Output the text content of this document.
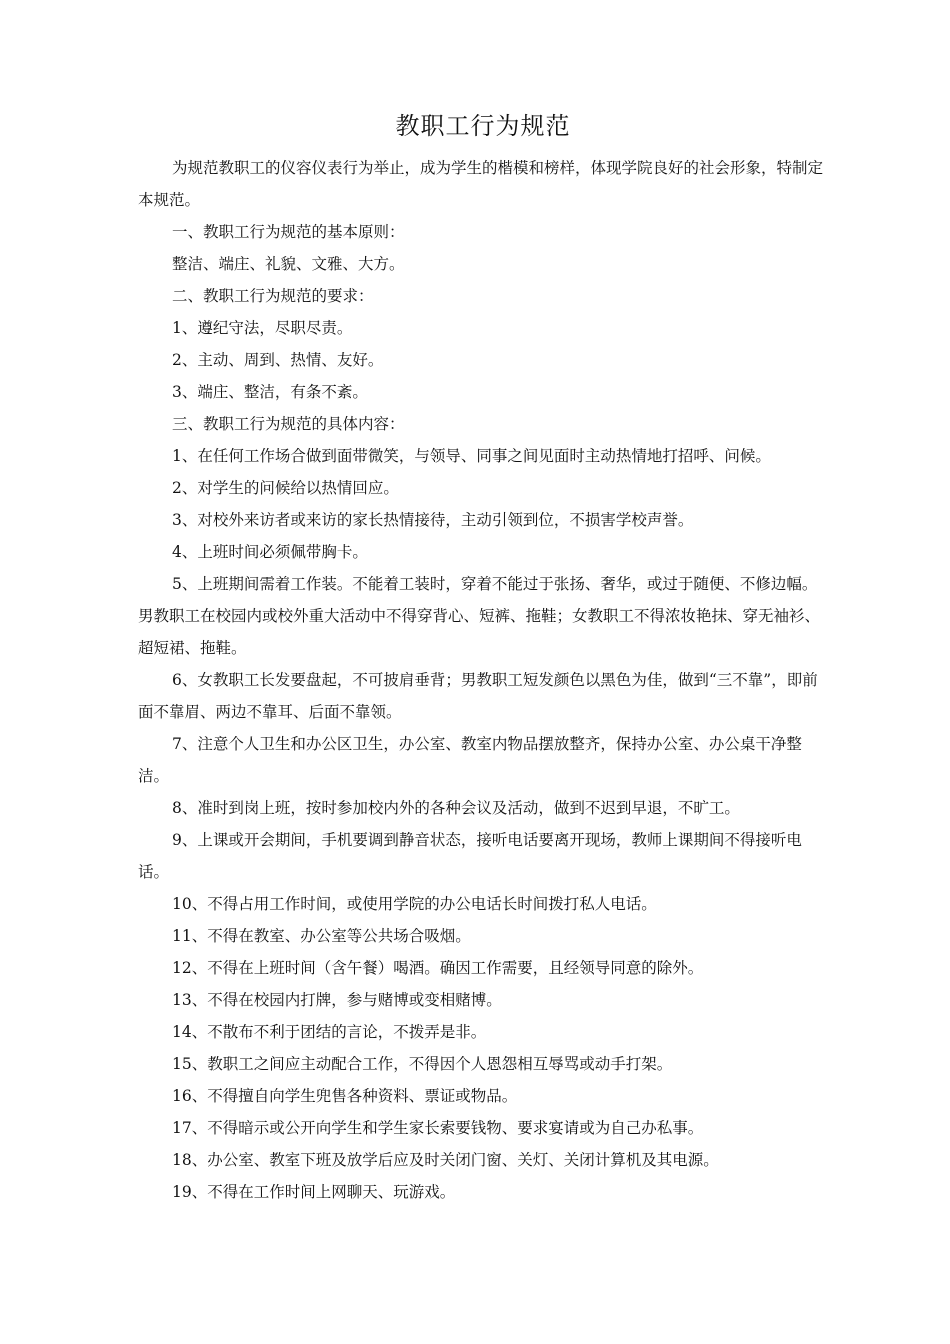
教职工行为规范

为规范教职工的仪容仪表行为举止，成为学生的楷模和榜样，体现学院良好的社会形象，特制定本规范。

一、教职工行为规范的基本原则：

整洁、端庄、礼貌、文雅、大方。

二、教职工行为规范的要求：

1、遵纪守法，尽职尽责。

2、主动、周到、热情、友好。

3、端庄、整洁，有条不紊。

三、教职工行为规范的具体内容：

1、在任何工作场合做到面带微笑，与领导、同事之间见面时主动热情地打招呼、问候。

2、对学生的问候给以热情回应。

3、对校外来访者或来访的家长热情接待，主动引领到位，不损害学校声誉。

4、上班时间必须佩带胸卡。

5、上班期间需着工作装。不能着工装时，穿着不能过于张扬、奢华，或过于随便、不修边幅。男教职工在校园内或校外重大活动中不得穿背心、短裤、拖鞋；女教职工不得浓妆艳抹、穿无袖衫、超短裙、拖鞋。

6、女教职工长发要盘起，不可披肩垂背；男教职工短发颜色以黑色为佳，做到“三不靠”，即前面不靠眉、两边不靠耳、后面不靠领。

7、注意个人卫生和办公区卫生，办公室、教室内物品摆放整齐，保持办公室、办公桌干净整洁。

8、准时到岗上班，按时参加校内外的各种会议及活动，做到不迟到早退，不旷工。

9、上课或开会期间，手机要调到静音状态，接听电话要离开现场，教师上课期间不得接听电话。

10、不得占用工作时间，或使用学院的办公电话长时间拨打私人电话。

11、不得在教室、办公室等公共场合吸烟。

12、不得在上班时间（含午餐）喝酒。确因工作需要，且经领导同意的除外。

13、不得在校园内打牌，参与赌博或变相赌博。

14、不散布不利于团结的言论，不拨弄是非。

15、教职工之间应主动配合工作，不得因个人恩怨相互辱骂或动手打架。

16、不得擅自向学生兜售各种资料、票证或物品。

17、不得暗示或公开向学生和学生家长索要钱物、要求宴请或为自己办私事。

18、办公室、教室下班及放学后应及时关闭门窗、关灯、关闭计算机及其电源。

19、不得在工作时间上网聊天、玩游戏。
